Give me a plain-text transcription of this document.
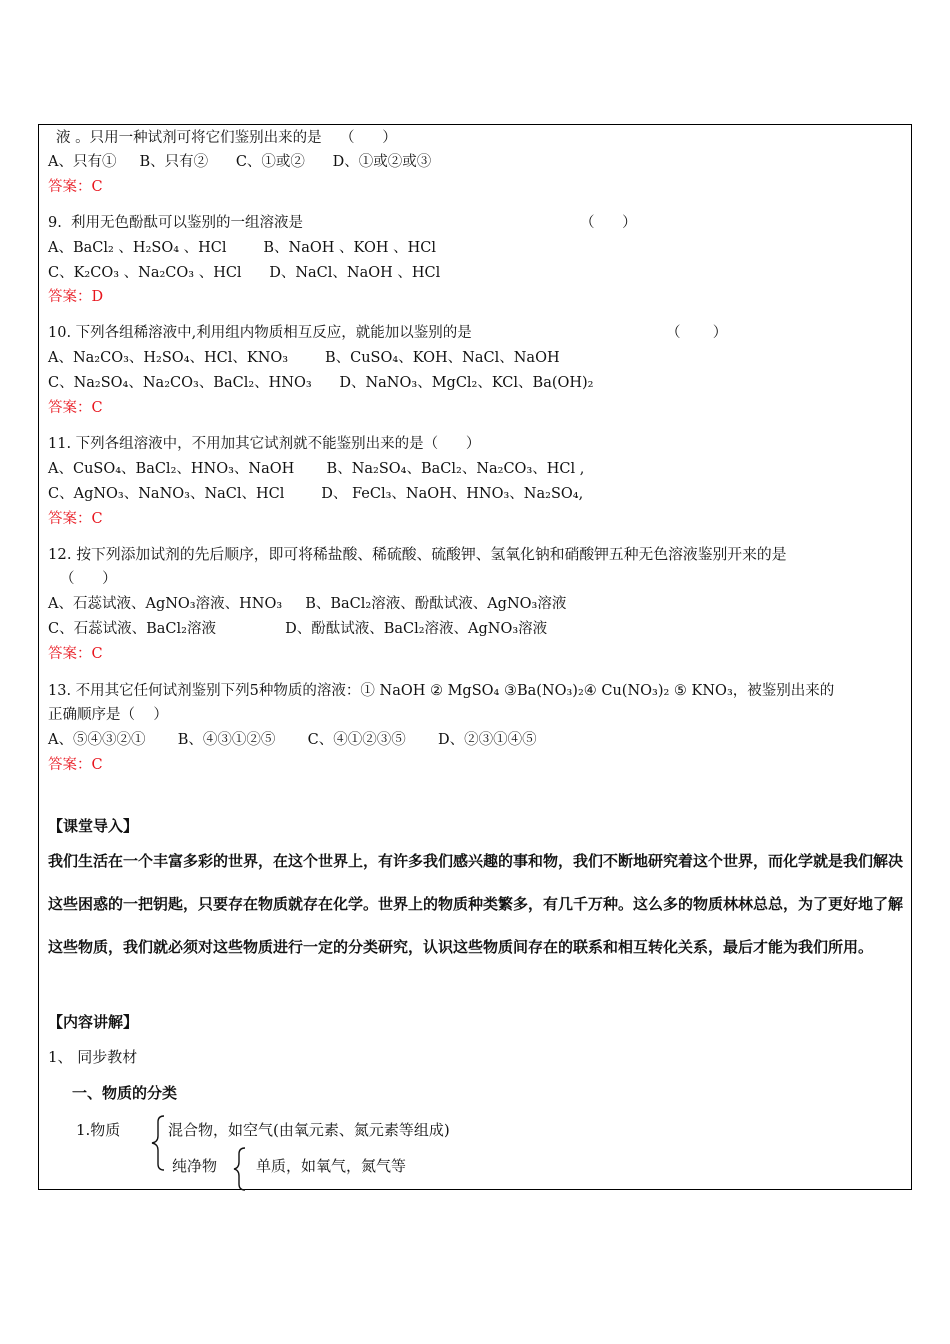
液 。只用一种试剂可将它们鉴别出来的是    （      ）
A、只有①     B、只有②      C、①或②      D、①或②或③
答案：C
9.  利用无色酚酞可以鉴别的一组溶液是	（      ）
A、BaCl₂ 、H₂SO₄ 、HCl        B、NaOH 、KOH 、HCl
C、K₂CO₃ 、Na₂CO₃ 、HCl      D、NaCl、NaOH 、HCl
答案：D
10. 下列各组稀溶液中,利用组内物质相互反应，就能加以鉴别的是	（       ）
A、Na₂CO₃、H₂SO₄、HCl、KNO₃        B、CuSO₄、KOH、NaCl、NaOH
C、Na₂SO₄、Na₂CO₃、BaCl₂、HNO₃      D、NaNO₃、MgCl₂、KCl、Ba(OH)₂
答案：C
11. 下列各组溶液中，不用加其它试剂就不能鉴别出来的是（      ）
A、CuSO₄、BaCl₂、HNO₃、NaOH       B、Na₂SO₄、BaCl₂、Na₂CO₃、HCl ,
C、AgNO₃、NaNO₃、NaCl、HCl        D、 FeCl₃、NaOH、HNO₃、Na₂SO₄,
答案：C
12. 按下列添加试剂的先后顺序，即可将稀盐酸、稀硫酸、硫酸钾、氢氧化钠和硝酸钾五种无色溶液鉴别开来的是
（      ）
A、石蕊试液、AgNO₃溶液、HNO₃     B、BaCl₂溶液、酚酞试液、AgNO₃溶液
C、石蕊试液、BaCl₂溶液               D、酚酞试液、BaCl₂溶液、AgNO₃溶液
答案：C
13. 不用其它任何试剂鉴别下列5种物质的溶液：① NaOH ② MgSO₄ ③Ba(NO₃)₂④ Cu(NO₃)₂ ⑤ KNO₃，被鉴别出来的
正确顺序是（    ）
A、⑤④③②①       B、④③①②⑤       C、④①②③⑤       D、②③①④⑤
答案：C
【课堂导入】
我们生活在一个丰富多彩的世界，在这个世界上，有许多我们感兴趣的事和物，我们不断地研究着这个世界，而化学就是我们解决这些困惑的一把钥匙，只要存在物质就存在化学。世界上的物质种类繁多，有几千万种。这么多的物质林林总总，为了更好地了解这些物质，我们就必须对这些物质进行一定的分类研究，认识这些物质间存在的联系和相互转化关系，最后才能为我们所用。
【内容讲解】
1、 同步教材
一、物质的分类
1.物质	混合物，如空气(由氧元素、氮元素等组成)
纯净物	单质，如氧气，氮气等
